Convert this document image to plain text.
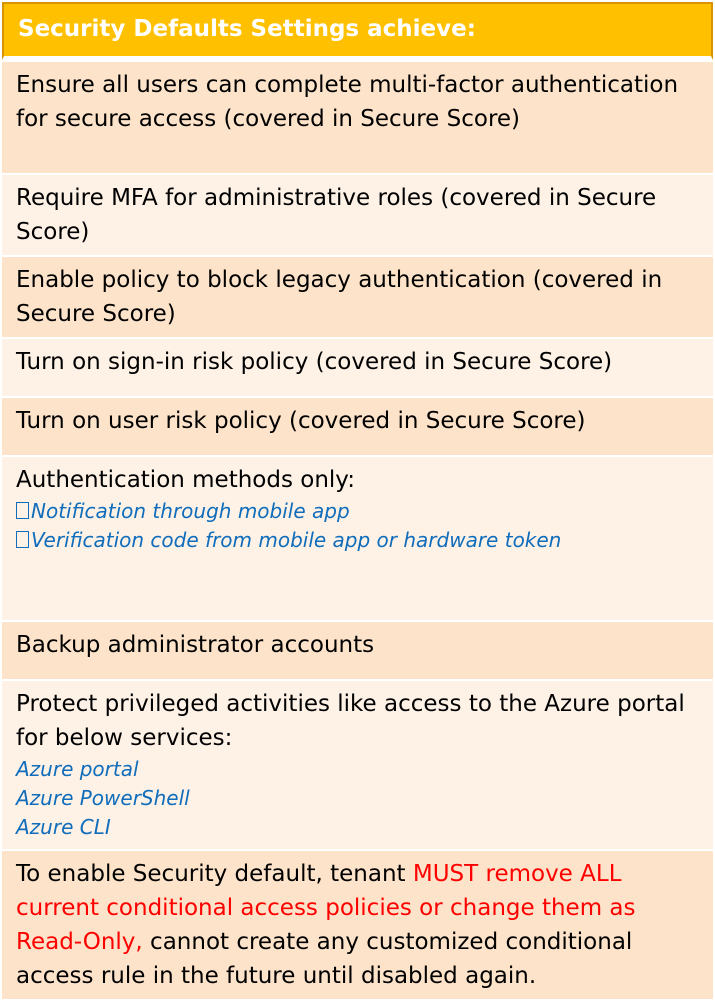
Security Defaults Settings achieve:
Ensure all users can complete multi-factor authentication for secure access (covered in Secure Score)
Require MFA for administrative roles (covered in Secure Score)
Enable policy to block legacy authentication (covered in Secure Score)
Turn on sign-in risk policy (covered in Secure Score)
Turn on user risk policy (covered in Secure Score)
Authentication methods only:
Notification through mobile app
Verification code from mobile app or hardware token
Backup administrator accounts
Protect privileged activities like access to the Azure portal for below services:
Azure portal
Azure PowerShell
Azure CLI
To enable Security default, tenant MUST remove ALL current conditional access policies or change them as Read-Only, cannot create any customized conditional access rule in the future until disabled again.
